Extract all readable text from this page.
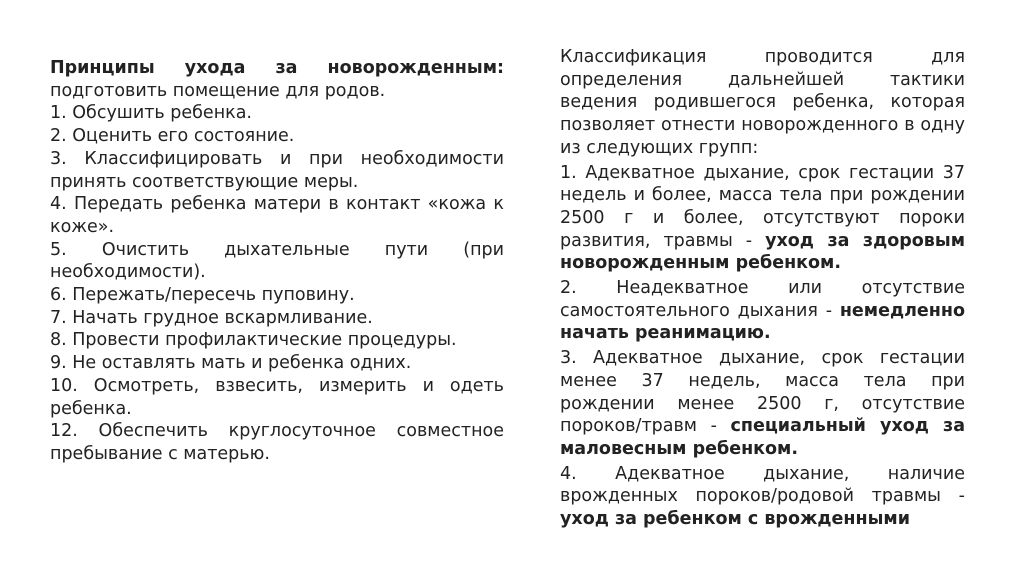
Принципы ухода за новорожденным: подготовить помещение для родов.
1. Обсушить ребенка.
2. Оценить его состояние.
3. Классифицировать и при необходимости принять соответствующие меры.
4. Передать ребенка матери в контакт «кожа к коже».
5. Очистить дыхательные пути (при необходимости).
6. Пережать/пересечь пуповину.
7. Начать грудное вскармливание.
8. Провести профилактические процедуры.
9. Не оставлять мать и ребенка одних.
10. Осмотреть, взвесить, измерить и одеть ребенка.
12. Обеспечить круглосуточное совместное пребывание с матерью.
Классификация проводится для определения дальнейшей тактики ведения родившегося ребенка, которая позволяет отнести новорожденного в одну из следующих групп:
1. Адекватное дыхание, срок гестации 37 недель и более, масса тела при рождении 2500 г и более, отсутствуют пороки развития, травмы - уход за здоровым новорожденным ребенком.
2. Неадекватное или отсутствие самостоятельного дыхания - немедленно начать реанимацию.
3. Адекватное дыхание, срок гестации менее 37 недель, масса тела при рождении менее 2500 г, отсутствие пороков/травм - специальный уход за маловесным ребенком.
4. Адекватное дыхание, наличие врожденных пороков/родовой травмы - уход за ребенком с врожденными
